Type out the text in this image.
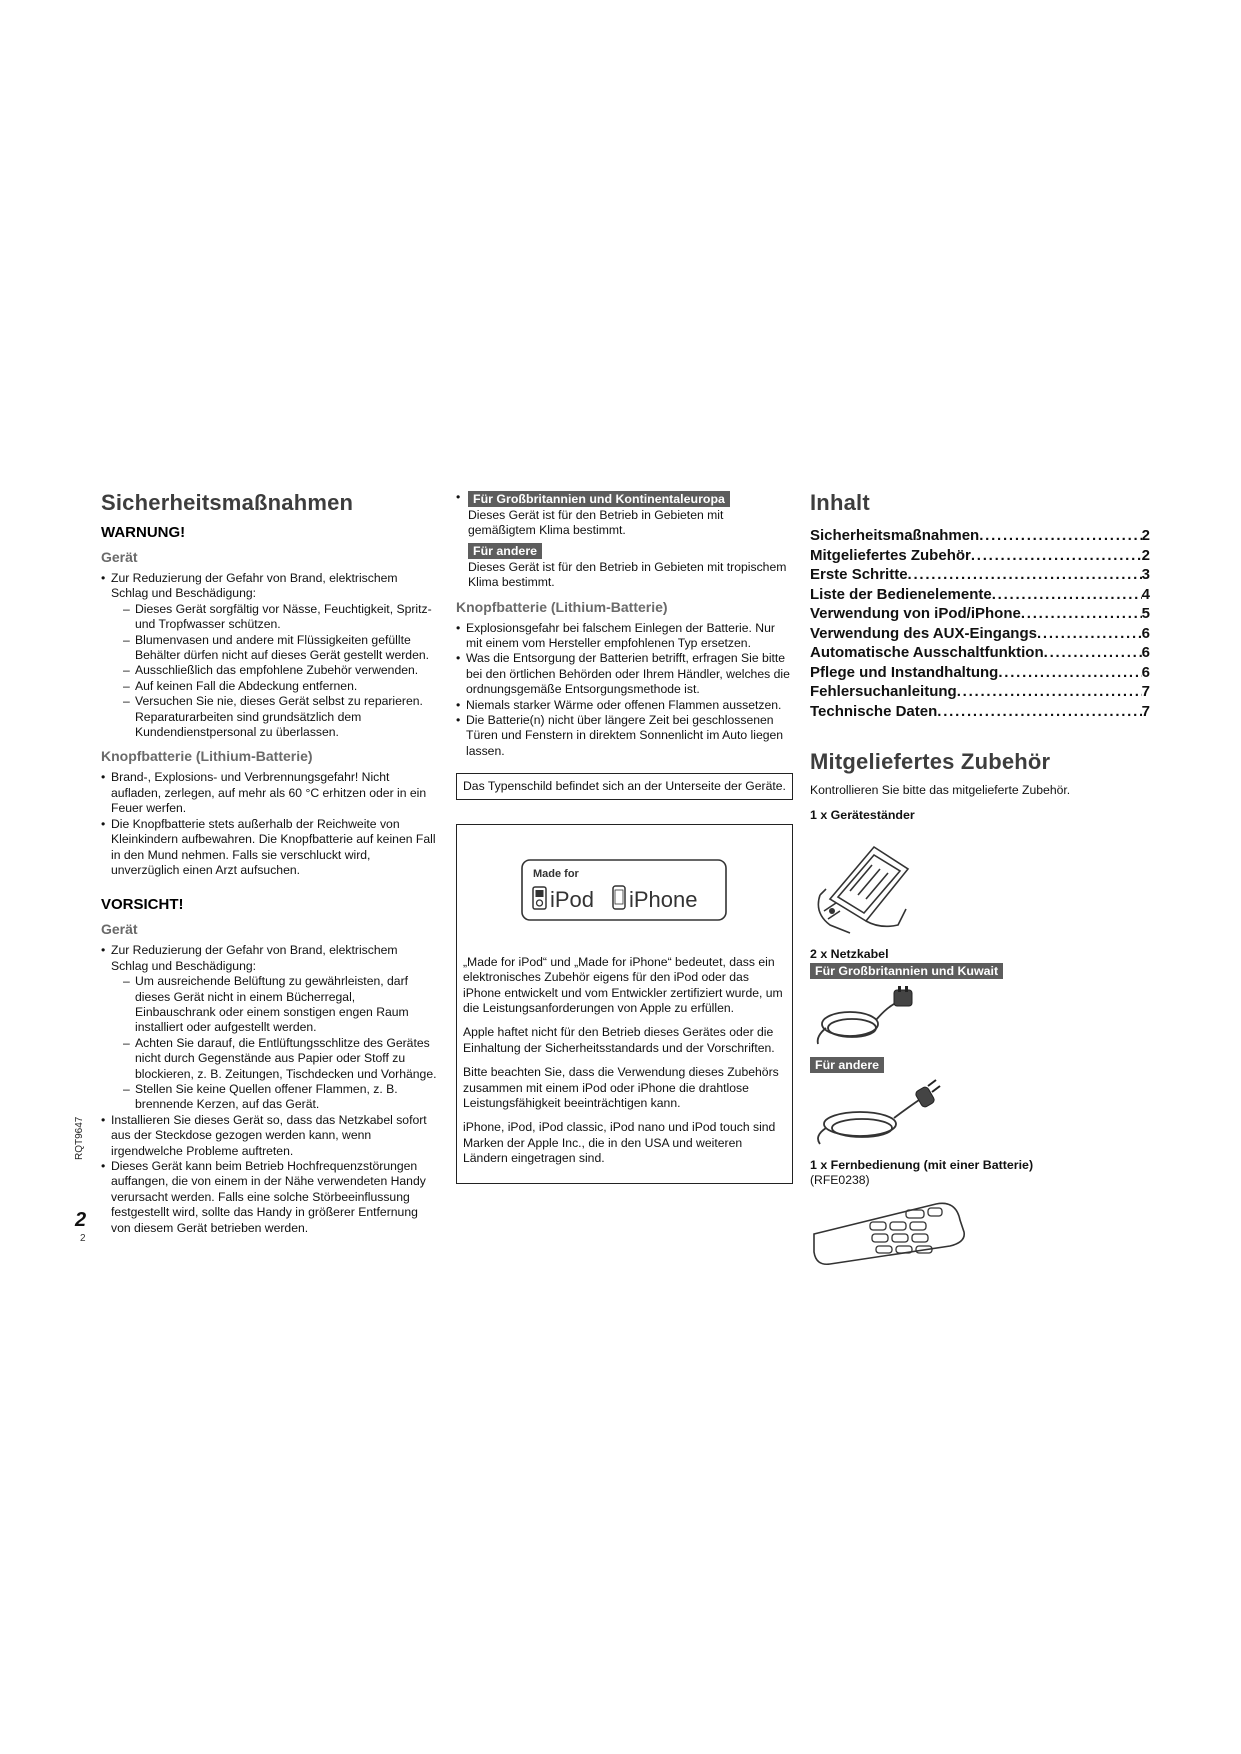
Sicherheitsmaßnahmen
WARNUNG!
Gerät
• Zur Reduzierung der Gefahr von Brand, elektrischem Schlag und Beschädigung:
– Dieses Gerät sorgfältig vor Nässe, Feuchtigkeit, Spritz- und Tropfwasser schützen.
– Blumenvasen und andere mit Flüssigkeiten gefüllte Behälter dürfen nicht auf dieses Gerät gestellt werden.
– Ausschließlich das empfohlene Zubehör verwenden.
– Auf keinen Fall die Abdeckung entfernen.
– Versuchen Sie nie, dieses Gerät selbst zu reparieren. Reparaturarbeiten sind grundsätzlich dem Kundendienstpersonal zu überlassen.
Knopfbatterie (Lithium-Batterie)
• Brand-, Explosions- und Verbrennungsgefahr! Nicht aufladen, zerlegen, auf mehr als 60 °C erhitzen oder in ein Feuer werfen.
• Die Knopfbatterie stets außerhalb der Reichweite von Kleinkindern aufbewahren. Die Knopfbatterie auf keinen Fall in den Mund nehmen. Falls sie verschluckt wird, unverzüglich einen Arzt aufsuchen.
VORSICHT!
Gerät
• Zur Reduzierung der Gefahr von Brand, elektrischem Schlag und Beschädigung:
– Um ausreichende Belüftung zu gewährleisten, darf dieses Gerät nicht in einem Bücherregal, Einbauschrank oder einem sonstigen engen Raum installiert oder aufgestellt werden.
– Achten Sie darauf, die Entlüftungsschlitze des Gerätes nicht durch Gegenstände aus Papier oder Stoff zu blockieren, z. B. Zeitungen, Tischdecken und Vorhänge.
– Stellen Sie keine Quellen offener Flammen, z. B. brennende Kerzen, auf das Gerät.
• Installieren Sie dieses Gerät so, dass das Netzkabel sofort aus der Steckdose gezogen werden kann, wenn irgendwelche Probleme auftreten.
• Dieses Gerät kann beim Betrieb Hochfrequenzstörungen auffangen, die von einem in der Nähe verwendeten Handy verursacht werden. Falls eine solche Störbeeinflussung festgestellt wird, sollte das Handy in größerer Entfernung von diesem Gerät betrieben werden.
•	Für Großbritannien und Kontinentaleuropa

Dieses Gerät ist für den Betrieb in Gebieten mit gemäßigtem Klima bestimmt.

Für andere

Dieses Gerät ist für den Betrieb in Gebieten mit tropischem Klima bestimmt.

Knopfbatterie (Lithium-Batterie)
• Explosionsgefahr bei falschem Einlegen der Batterie. Nur mit einem vom Hersteller empfohlenen Typ ersetzen.
• Was die Entsorgung der Batterien betrifft, erfragen Sie bitte bei den örtlichen Behörden oder Ihrem Händler, welches die ordnungsgemäße Entsorgungsmethode ist.
• Niemals starker Wärme oder offenen Flammen aussetzen.
• Die Batterie(n) nicht über längere Zeit bei geschlossenen Türen und Fenstern in direktem Sonnenlicht im Auto liegen lassen.
Das Typenschild befindet sich an der Unterseite der Geräte.
Made for
iPod iPhone

„Made for iPod“ und „Made for iPhone“ bedeutet, dass ein elektronisches Zubehör eigens für den iPod oder das iPhone entwickelt und vom Entwickler zertifiziert wurde, um die Leistungsanforderungen von Apple zu erfüllen.

Apple haftet nicht für den Betrieb dieses Gerätes oder die Einhaltung der Sicherheitsstandards und der Vorschriften.

Bitte beachten Sie, dass die Verwendung dieses Zubehörs zusammen mit einem iPod oder iPhone die drahtlose Leistungsfähigkeit beeinträchtigen kann.

iPhone, iPod, iPod classic, iPod nano und iPod touch sind Marken der Apple Inc., die in den USA und weiteren Ländern eingetragen sind.

Inhalt
Sicherheitsmaßnahmen . . .	2
Mitgeliefertes Zubehör . . .	2
Erste Schritte . . .	3
Liste der Bedienelemente . . .	4
Verwendung von iPod/iPhone . . .	5
Verwendung des AUX-Eingangs . . .	6
Automatische Ausschaltfunktion . . .	6
Pflege und Instandhaltung . . .	6
Fehlersuchanleitung . . .	7
Technische Daten . . .	7
Mitgeliefertes Zubehör

Kontrollieren Sie bitte das mitgelieferte Zubehör.

1 x Geräteständer

2 x Netzkabel

Für Großbritannien und Kuwait
Für andere

1 x Fernbedienung (mit einer Batterie)

(RFE0238)

RQT9647
2
2
